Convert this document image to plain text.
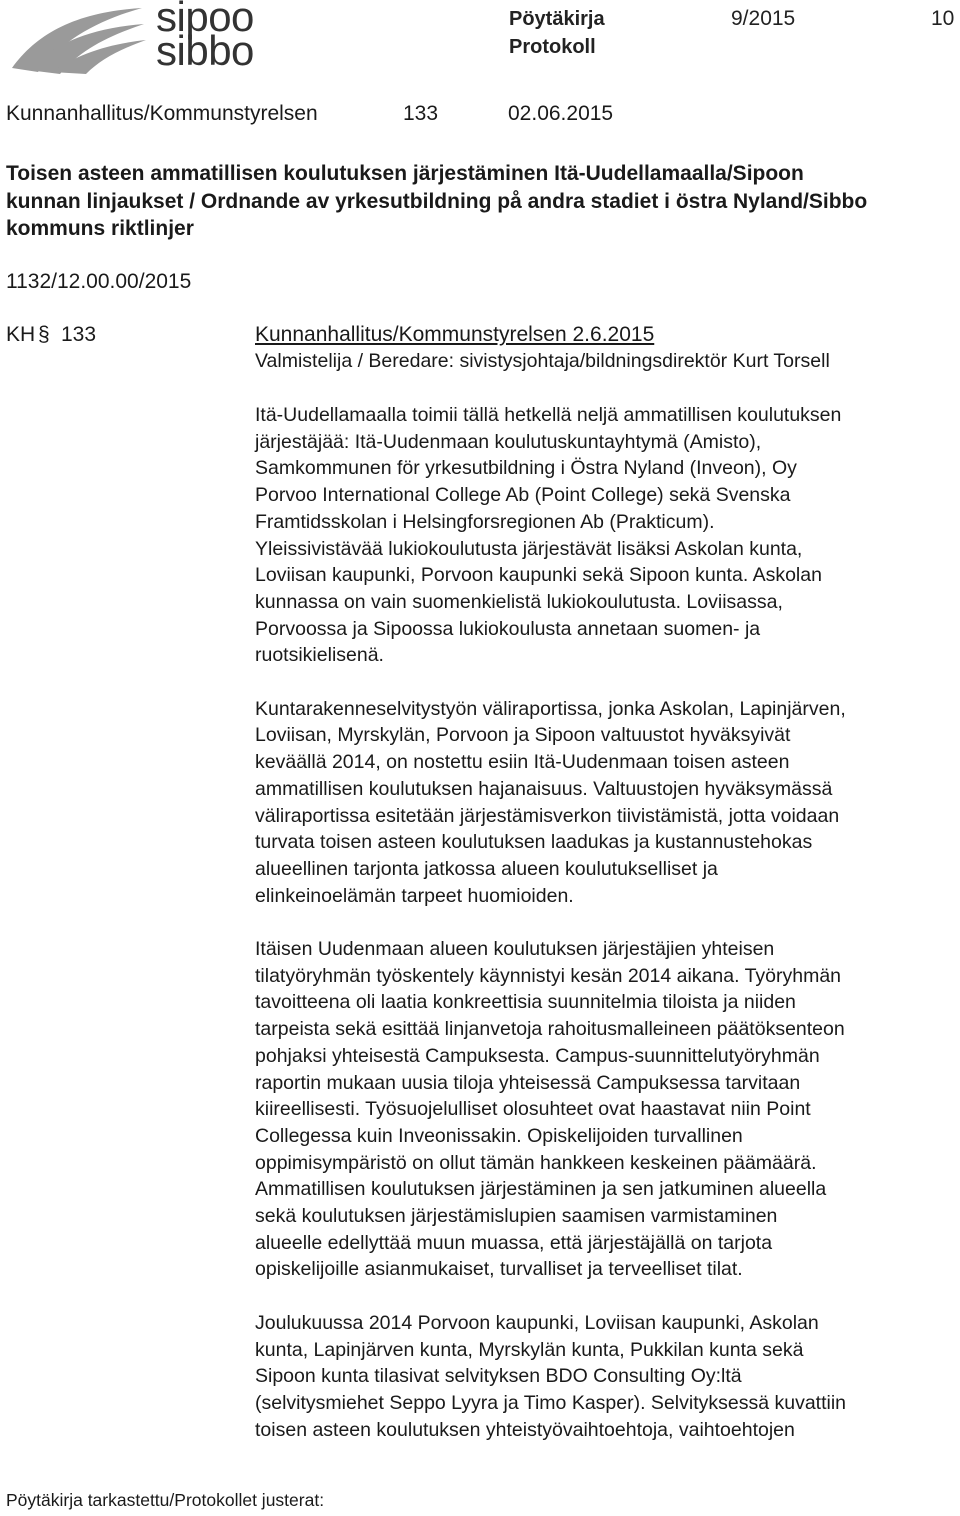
sipoo
sibbo
Pöytäkirja
Protokoll
9/2015	10
Kunnanhallitus/Kommunstyrelsen	133	02.06.2015
Toisen asteen ammatillisen koulutuksen järjestäminen Itä-Uudellamaalla/Sipoon
kunnan linjaukset / Ordnande av yrkesutbildning på andra stadiet i östra Nyland/Sibbo
kommuns riktlinjer
1132/12.00.00/2015
KH § 133	Kunnanhallitus/Kommunstyrelsen 2.6.2015
Valmistelija / Beredare: sivistysjohtaja/bildningsdirektör Kurt Torsell

Itä-Uudellamaalla toimii tällä hetkellä neljä ammatillisen koulutuksen
järjestäjää: Itä-Uudenmaan koulutuskuntayhtymä (Amisto),
Samkommunen för yrkesutbildning i Östra Nyland (Inveon), Oy
Porvoo International College Ab (Point College) sekä Svenska
Framtidsskolan i Helsingforsregionen Ab (Prakticum).
Yleissivistävää lukiokoulutusta järjestävät lisäksi Askolan kunta,
Loviisan kaupunki, Porvoon kaupunki sekä Sipoon kunta. Askolan
kunnassa on vain suomenkielistä lukiokoulutusta. Loviisassa,
Porvoossa ja Sipoossa lukiokoulusta annetaan suomen- ja
ruotsikielisenä.

Kuntarakenneselvitystyön väliraportissa, jonka Askolan, Lapinjärven,
Loviisan, Myrskylän, Porvoon ja Sipoon valtuustot hyväksyivät
keväällä 2014, on nostettu esiin Itä-Uudenmaan toisen asteen
ammatillisen koulutuksen hajanaisuus. Valtuustojen hyväksymässä
väliraportissa esitetään järjestämisverkon tiivistämistä, jotta voidaan
turvata toisen asteen koulutuksen laadukas ja kustannustehokas
alueellinen tarjonta jatkossa alueen koulutukselliset ja
elinkeinoelämän tarpeet huomioiden.

Itäisen Uudenmaan alueen koulutuksen järjestäjien yhteisen
tilatyöryhmän työskentely käynnistyi kesän 2014 aikana. Työryhmän
tavoitteena oli laatia konkreettisia suunnitelmia tiloista ja niiden
tarpeista sekä esittää linjanvetoja rahoitusmalleineen päätöksenteon
pohjaksi yhteisestä Campuksesta. Campus-suunnittelutyöryhmän
raportin mukaan uusia tiloja yhteisessä Campuksessa tarvitaan
kiireellisesti. Työsuojelulliset olosuhteet ovat haastavat niin Point
Collegessa kuin Inveonissakin. Opiskelijoiden turvallinen
oppimisympäristö on ollut tämän hankkeen keskeinen päämäärä.
Ammatillisen koulutuksen järjestäminen ja sen jatkuminen alueella
sekä koulutuksen järjestämislupien saamisen varmistaminen
alueelle edellyttää muun muassa, että järjestäjällä on tarjota
opiskelijoille asianmukaiset, turvalliset ja terveelliset tilat.

Joulukuussa 2014 Porvoon kaupunki, Loviisan kaupunki, Askolan
kunta, Lapinjärven kunta, Myrskylän kunta, Pukkilan kunta sekä
Sipoon kunta tilasivat selvityksen BDO Consulting Oy:ltä
(selvitysmiehet Seppo Lyyra ja Timo Kasper). Selvityksessä kuvattiin
toisen asteen koulutuksen yhteistyövaihtoehtoja, vaihtoehtojen

Pöytäkirja tarkastettu/Protokollet justerat:
